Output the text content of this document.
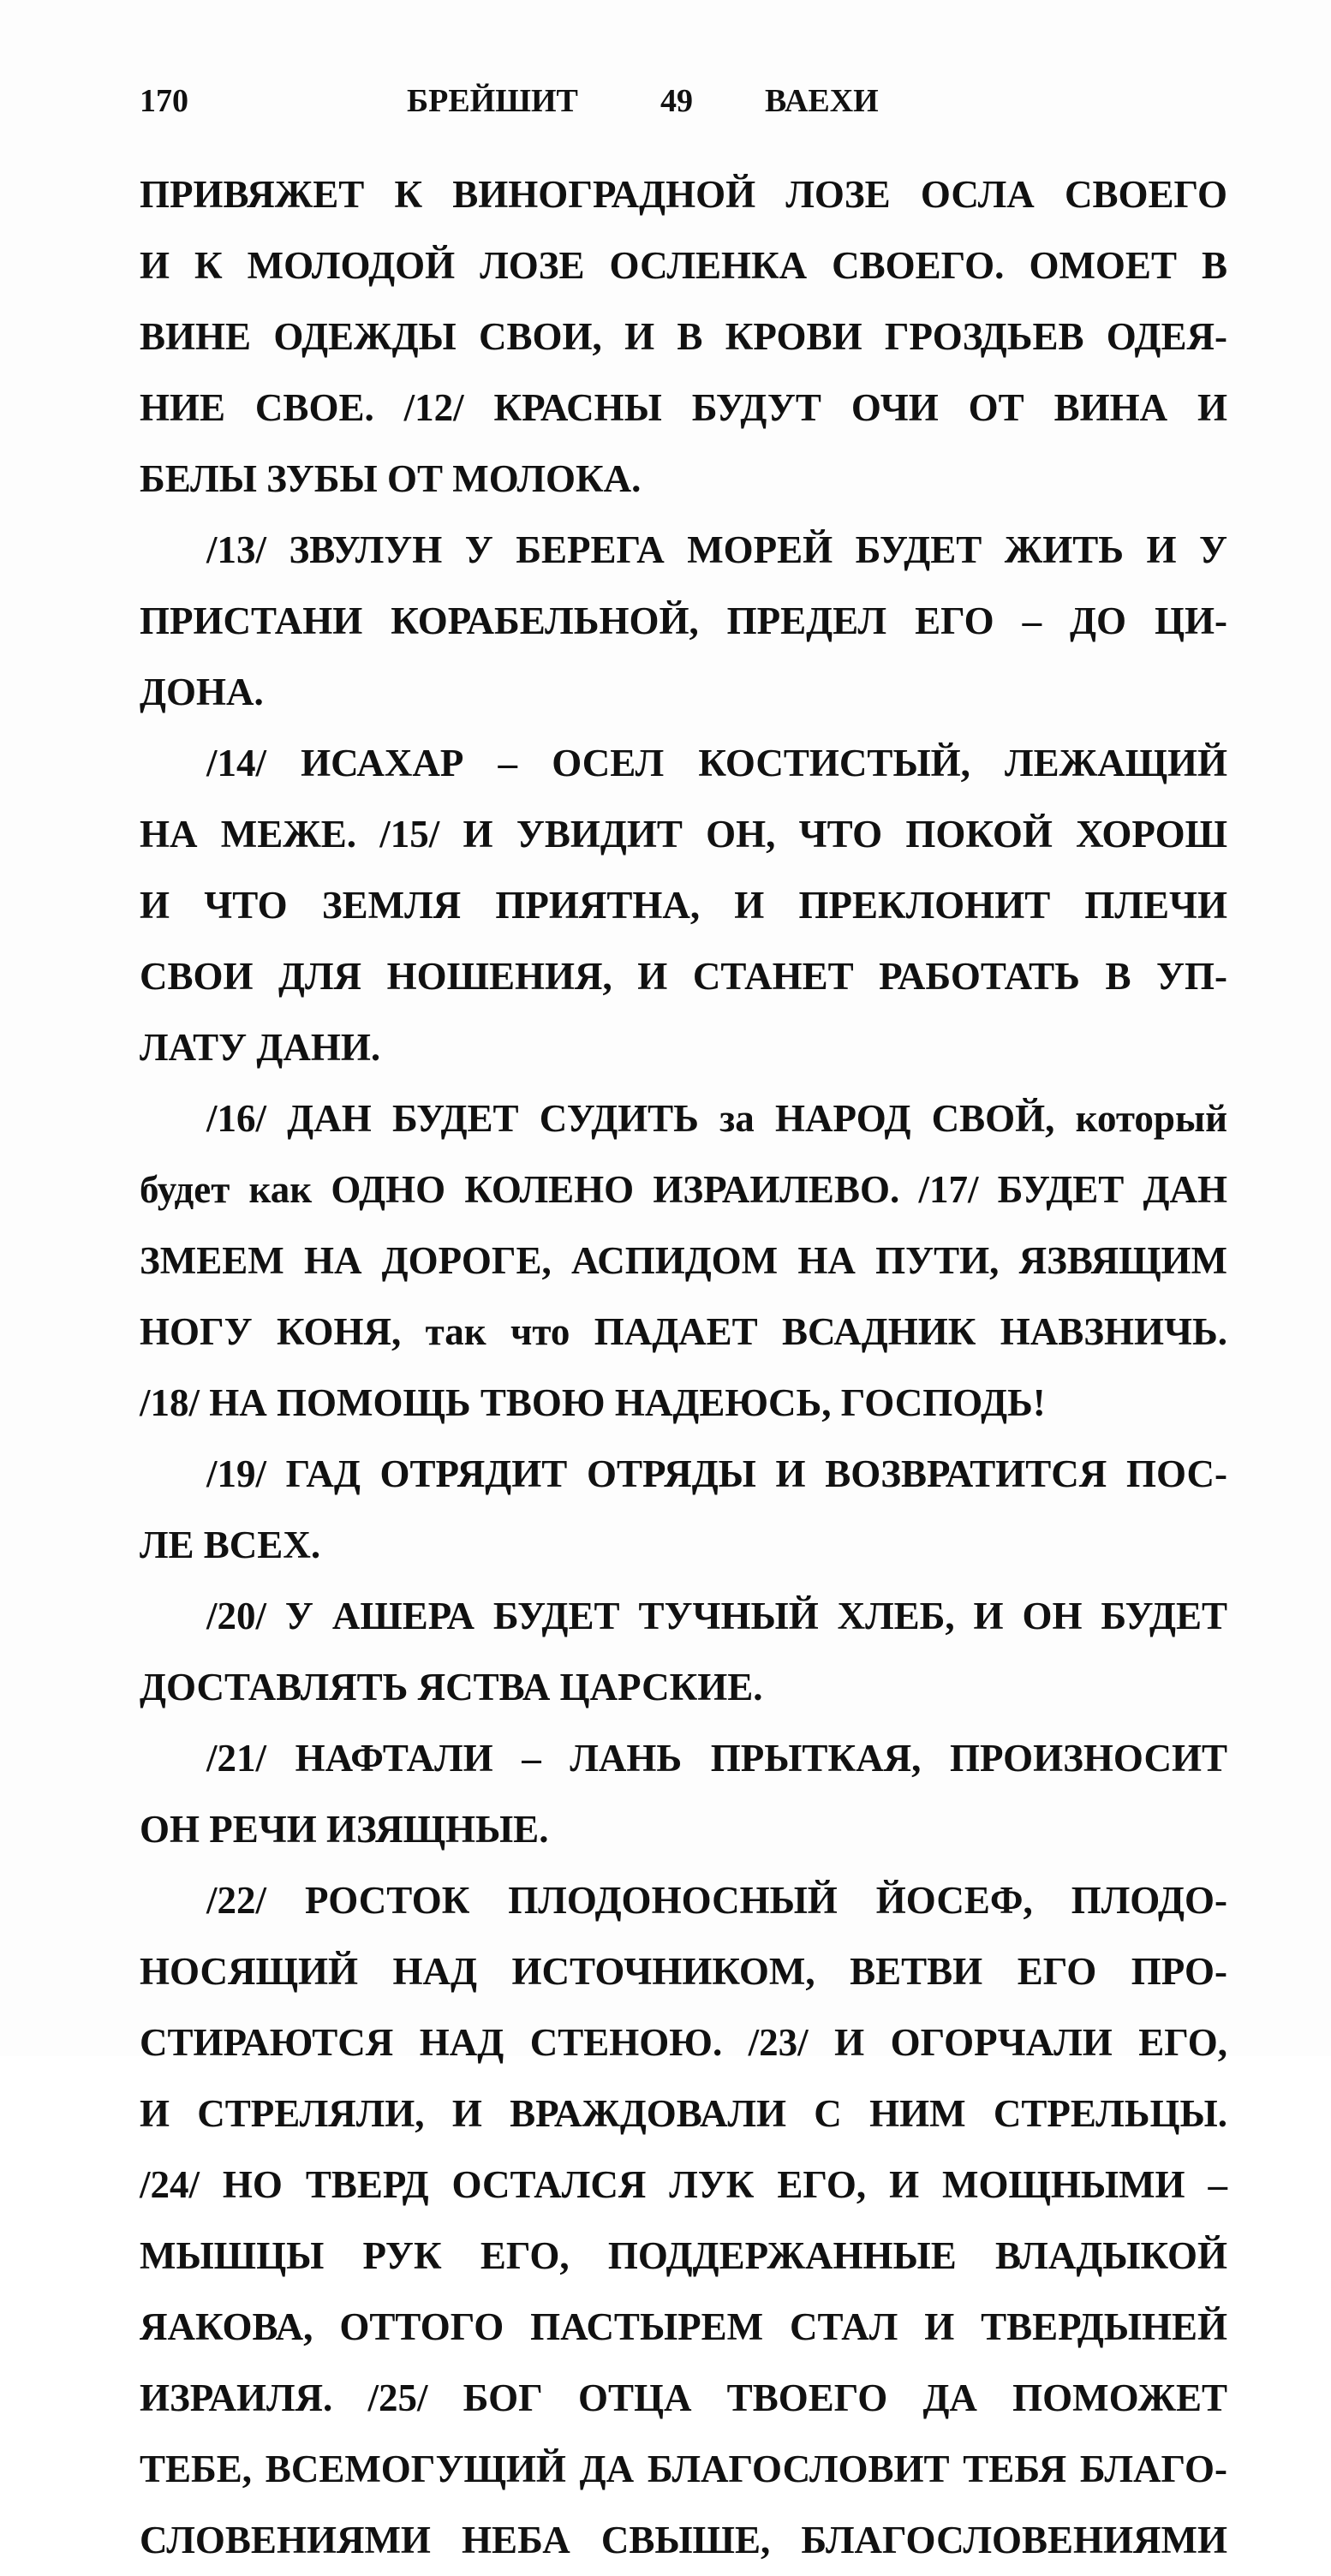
170	БРЕЙШИТ	49 ВАЕХИ
ПРИВЯЖЕТ К ВИНОГРАДНОЙ ЛОЗЕ ОСЛА СВОЕГО
И К МОЛОДОЙ ЛОЗЕ ОСЛЕНКА СВОЕГО. ОМОЕТ В
ВИНЕ ОДЕЖДЫ СВОИ, И В КРОВИ ГРОЗДЬЕВ ОДЕЯ-
НИЕ СВОЕ. /12/ КРАСНЫ БУДУТ ОЧИ ОТ ВИНА И
БЕЛЫ ЗУБЫ ОТ МОЛОКА.
/13/ ЗВУЛУН У БЕРЕГА МОРЕЙ БУДЕТ ЖИТЬ И У
ПРИСТАНИ КОРАБЕЛЬНОЙ, ПРЕДЕЛ ЕГО – ДО ЦИ-
ДОНА.
/14/ ИСАХАР – ОСЕЛ КОСТИСТЫЙ, ЛЕЖАЩИЙ
НА МЕЖЕ. /15/ И УВИДИТ ОН, ЧТО ПОКОЙ ХОРОШ
И ЧТО ЗЕМЛЯ ПРИЯТНА, И ПРЕКЛОНИТ ПЛЕЧИ
СВОИ ДЛЯ НОШЕНИЯ, И СТАНЕТ РАБОТАТЬ В УП-
ЛАТУ ДАНИ.
/16/ ДАН БУДЕТ СУДИТЬ за НАРОД СВОЙ, который
будет как ОДНО КОЛЕНО ИЗРАИЛЕВО. /17/ БУДЕТ ДАН
ЗМЕЕМ НА ДОРОГЕ, АСПИДОМ НА ПУТИ, ЯЗВЯЩИМ
НОГУ КОНЯ, так что ПАДАЕТ ВСАДНИК НАВЗНИЧЬ.
/18/ НА ПОМОЩЬ ТВОЮ НАДЕЮСЬ, ГОСПОДЬ!
/19/ ГАД ОТРЯДИТ ОТРЯДЫ И ВОЗВРАТИТСЯ ПОС-
ЛЕ ВСЕХ.
/20/ У АШЕРА БУДЕТ ТУЧНЫЙ ХЛЕБ, И ОН БУДЕТ
ДОСТАВЛЯТЬ ЯСТВА ЦАРСКИЕ.
/21/ НАФТАЛИ – ЛАНЬ ПРЫТКАЯ, ПРОИЗНОСИТ
ОН РЕЧИ ИЗЯЩНЫЕ.
/22/ РОСТОК ПЛОДОНОСНЫЙ ЙОСЕФ, ПЛОДО-
НОСЯЩИЙ НАД ИСТОЧНИКОМ, ВЕТВИ ЕГО ПРО-
СТИРАЮТСЯ НАД СТЕНОЮ. /23/ И ОГОРЧАЛИ ЕГО,
И СТРЕЛЯЛИ, И ВРАЖДОВАЛИ С НИМ СТРЕЛЬЦЫ.
/24/ НО ТВЕРД ОСТАЛСЯ ЛУК ЕГО, И МОЩНЫМИ –
МЫШЦЫ РУК ЕГО, ПОДДЕРЖАННЫЕ ВЛАДЫКОЙ
ЯАКОВА, ОТТОГО ПАСТЫРЕМ СТАЛ И ТВЕРДЫНЕЙ
ИЗРАИЛЯ. /25/ БОГ ОТЦА ТВОЕГО ДА ПОМОЖЕТ
ТЕБЕ, ВСЕМОГУЩИЙ ДА БЛАГОСЛОВИТ ТЕБЯ БЛАГО-
СЛОВЕНИЯМИ НЕБА СВЫШЕ, БЛАГОСЛОВЕНИЯМИ
